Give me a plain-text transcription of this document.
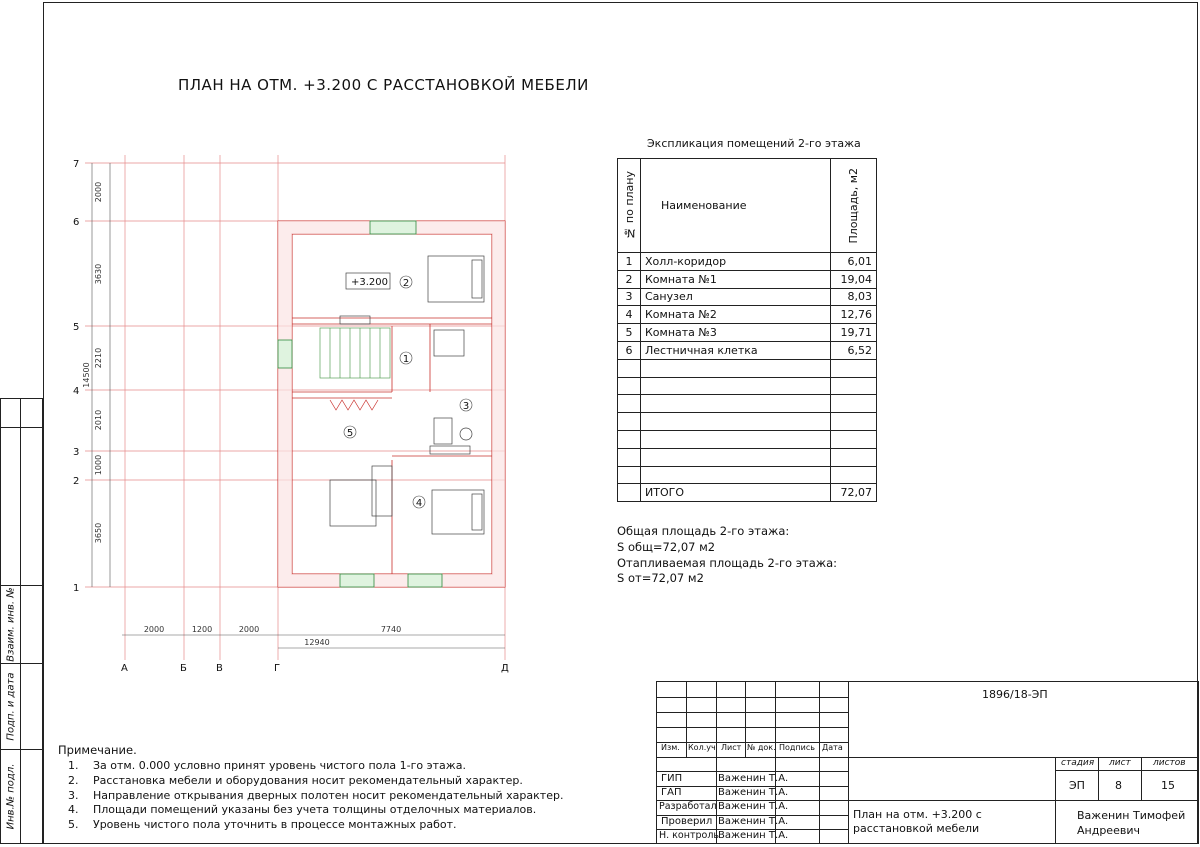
Инв.№ подл.
Подп. и дата
Взаим. инв. №
ПЛАН НА ОТМ. +3.200 С РАССТАНОВКОЙ МЕБЕЛИ
7
6
5
4
3
2
1
А	Б	В	Г	Д
2000
3630
2210
2010
1000
3650
14500
2000	1200	2000	7740
12940
+3.200 2
1
3
4
5
Экспликация помещений 2-го этажа
№ по плану	Наименование	Площадь, м2

1	Холл-коридор	6,01
2	Комната №1	19,04
3	Санузел	8,03
4	Комната №2	12,76
5	Комната №3	19,71
6	Лестничная клетка	6,52

	ИТОГО	72,07
Общая площадь 2-го этажа:
S общ=72,07 м2
Отапливаемая площадь 2-го этажа:
S от=72,07 м2
Примечание.
1. За отм. 0.000 условно принят уровень чистого пола 1-го этажа.
2. Расстановка мебели и оборудования носит рекомендательный характер.
3. Направление открывания дверных полотен носит рекомендательный характер.
4. Площади помещений указаны без учета толщины отделочных материалов.
5. Уровень чистого пола уточнить в процессе монтажных работ.
1896/18-ЭП
Изм. Кол.уч Лист № док. Подпись Дата
ГИП	Важенин Т.А.
ГАП	Важенин Т.А.
Разработал Важенин Т.А.
Проверил Важенин Т.А.
Н. контроль Важенин Т.А.
стадия лист листов
ЭП	8	15
План на отм. +3.200 с расстановкой мебели
Важенин Тимофей Андреевич
